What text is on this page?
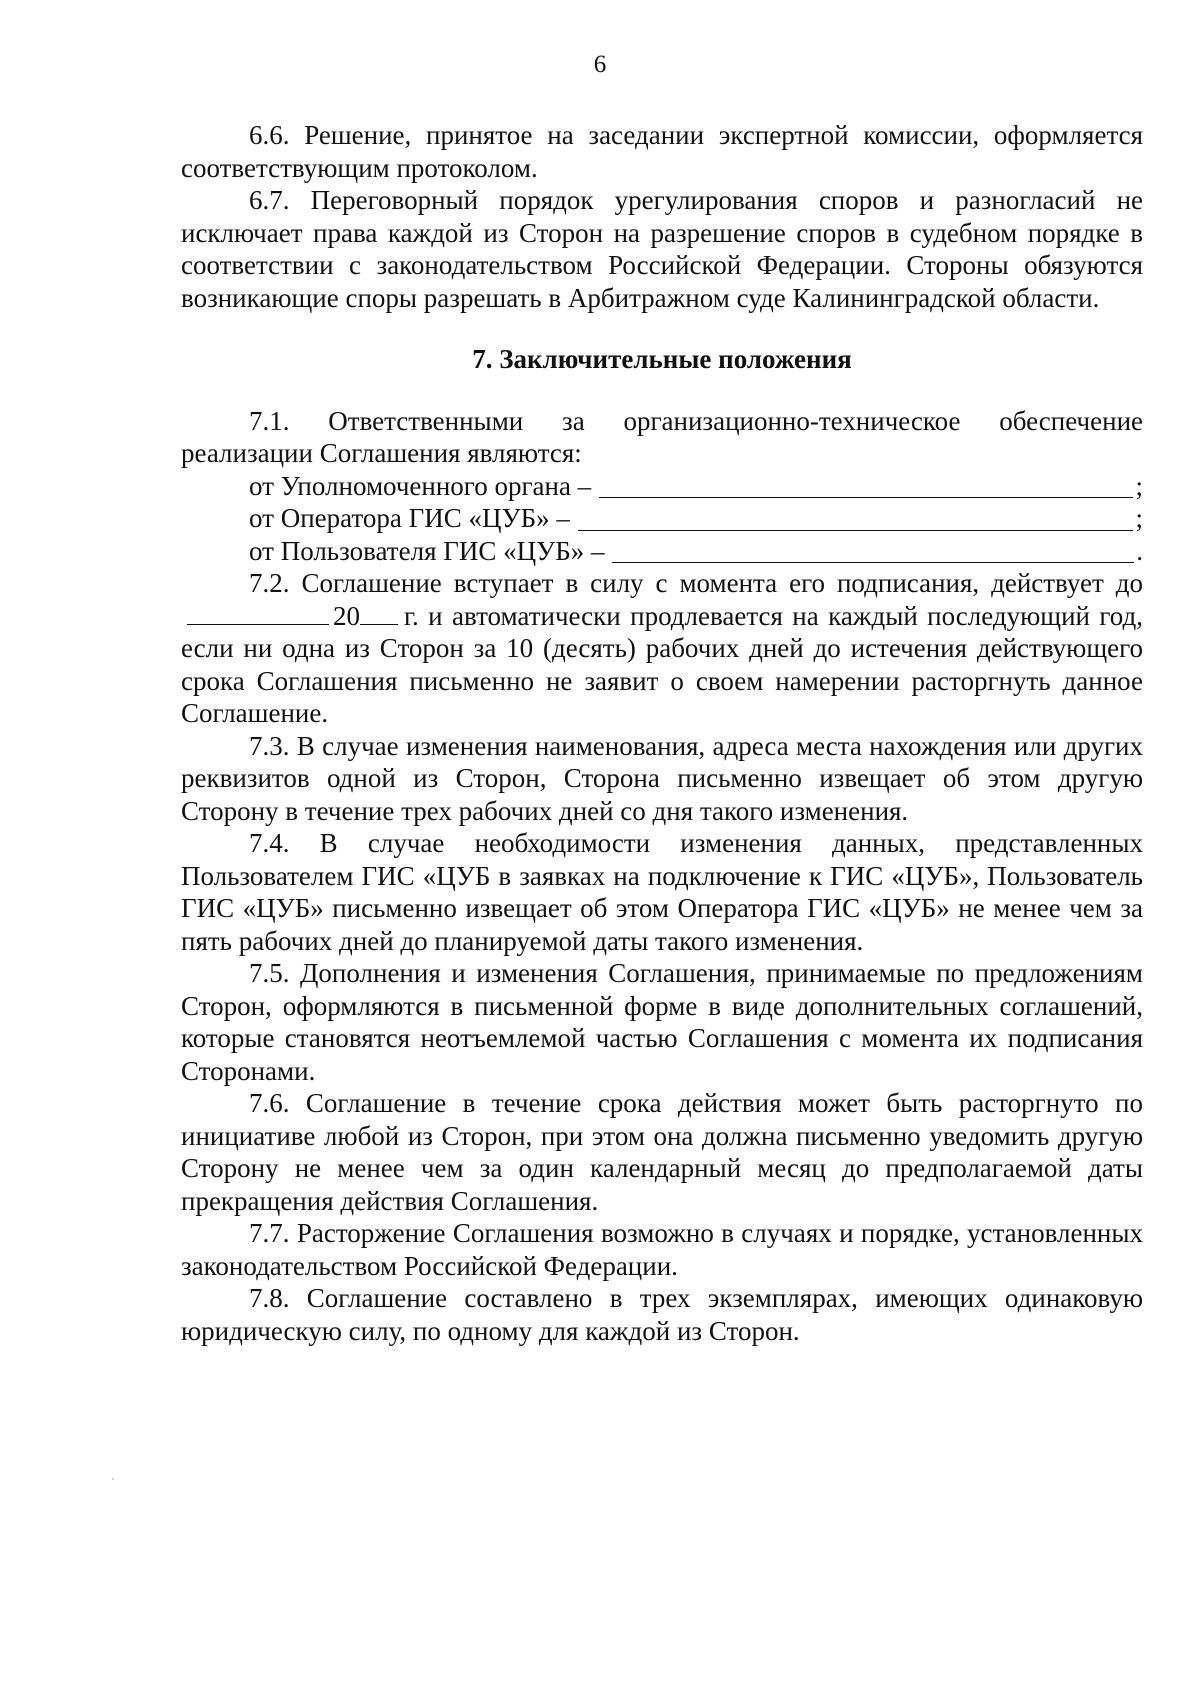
6

6.6. Решение, принятое на заседании экспертной комиссии, оформляется соответствующим протоколом.

6.7. Переговорный порядок урегулирования споров и разногласий не исключает права каждой из Сторон на разрешение споров в судебном порядке в соответствии с законодательством Российской Федерации. Стороны обязуются возникающие споры разрешать в Арбитражном суде Калининградской области.

7. Заключительные положения

7.1. Ответственными за организационно-техническое обеспечение реализации Соглашения являются:

от Уполномоченного органа –	;
от Оператора ГИС «ЦУБ» –	;
от Пользователя ГИС «ЦУБ» –	.

7.2. Соглашение вступает в силу с момента его подписания, действует до20 г. и автоматически продлевается на каждый последующий год, если ни одна из Сторон за 10 (десять) рабочих дней до истечения действующего срока Соглашения письменно не заявит о своем намерении расторгнуть данное Соглашение.

7.3. В случае изменения наименования, адреса места нахождения или других реквизитов одной из Сторон, Сторона письменно извещает об этом другую Сторону в течение трех рабочих дней со дня такого изменения.

7.4. В случае необходимости изменения данных, представленных Пользователем ГИС «ЦУБ в заявках на подключение к ГИС «ЦУБ», Пользователь ГИС «ЦУБ» письменно извещает об этом Оператора ГИС «ЦУБ» не менее чем за пять рабочих дней до планируемой даты такого изменения.

7.5. Дополнения и изменения Соглашения, принимаемые по предложениям Сторон, оформляются в письменной форме в виде дополнительных соглашений, которые становятся неотъемлемой частью Соглашения с момента их подписания Сторонами.

7.6. Соглашение в течение срока действия может быть расторгнуто по инициативе любой из Сторон, при этом она должна письменно уведомить другую Сторону не менее чем за один календарный месяц до предполагаемой даты прекращения действия Соглашения.

7.7. Расторжение Соглашения возможно в случаях и порядке, установленных законодательством Российской Федерации.

7.8. Соглашение составлено в трех экземплярах, имеющих одинаковую юридическую силу, по одному для каждой из Сторон.
